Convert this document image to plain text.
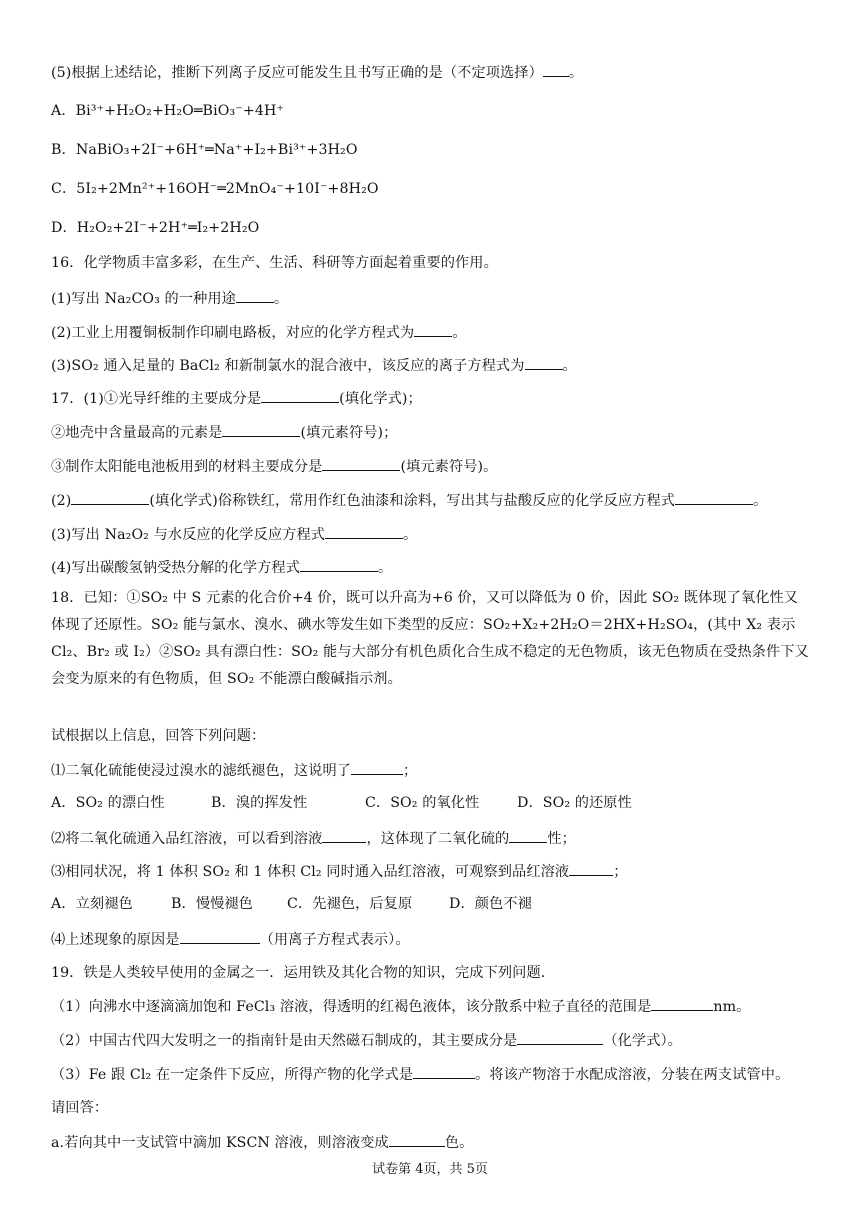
(5)根据上述结论，推断下列离子反应可能发生且书写正确的是（不定项选择） 。
A．Bi³⁺+H₂O₂+H₂O═BiO₃⁻+4H⁺
B．NaBiO₃+2I⁻+6H⁺═Na⁺+I₂+Bi³⁺+3H₂O
C．5I₂+2Mn²⁺+16OH⁻═2MnO₄⁻+10I⁻+8H₂O
D．H₂O₂+2I⁻+2H⁺═I₂+2H₂O
16．化学物质丰富多彩，在生产、生活、科研等方面起着重要的作用。
(1)写出 Na₂CO₃ 的一种用途	。
(2)工业上用覆铜板制作印刷电路板，对应的化学方程式为	。
(3)SO₂ 通入足量的 BaCl₂ 和新制氯水的混合液中，该反应的离子方程式为	。
17．(1)①光导纤维的主要成分是	(填化学式)；
②地壳中含量最高的元素是	(填元素符号)；
③制作太阳能电池板用到的材料主要成分是	(填元素符号)。
(2)	(填化学式)俗称铁红，常用作红色油漆和涂料，写出其与盐酸反应的化学反应方程式	。
(3)写出 Na₂O₂ 与水反应的化学反应方程式	。
(4)写出碳酸氢钠受热分解的化学方程式	。
18．已知：①SO₂ 中 S 元素的化合价+4 价，既可以升高为+6 价，又可以降低为 0 价，因此 SO₂ 既体现了氧化性又体现了还原性。SO₂ 能与氯水、溴水、碘水等发生如下类型的反应：SO₂+X₂+2H₂O＝2HX+H₂SO₄，(其中 X₂ 表示 Cl₂、Br₂ 或 I₂）②SO₂ 具有漂白性：SO₂ 能与大部分有机色质化合生成不稳定的无色物质，该无色物质在受热条件下又会变为原来的有色物质，但 SO₂ 不能漂白酸碱指示剂。
试根据以上信息，回答下列问题：
⑴二氧化硫能使浸过溴水的滤纸褪色，这说明了	；
A．SO₂ 的漂白性	B．溴的挥发性	C．SO₂ 的氧化性	D．SO₂ 的还原性
⑵将二氧化硫通入品红溶液，可以看到溶液	，这体现了二氧化硫的	性；
⑶相同状况，将 1 体积 SO₂ 和 1 体积 Cl₂ 同时通入品红溶液，可观察到品红溶液	；
A．立刻褪色	B．慢慢褪色 C．先褪色，后复原	D．颜色不褪
⑷上述现象的原因是	（用离子方程式表示）。
19．铁是人类较早使用的金属之一．运用铁及其化合物的知识，完成下列问题．
（1）向沸水中逐滴滴加饱和 FeCl₃ 溶液，得透明的红褐色液体，该分散系中粒子直径的范围是	nm。
（2）中国古代四大发明之一的指南针是由天然磁石制成的，其主要成分是	（化学式）。
（3）Fe 跟 Cl₂ 在一定条件下反应，所得产物的化学式是	。将该产物溶于水配成溶液，分装在两支试管中。
请回答：
a.若向其中一支试管中滴加 KSCN 溶液，则溶液变成	色。
试卷第 4页，共 5页
